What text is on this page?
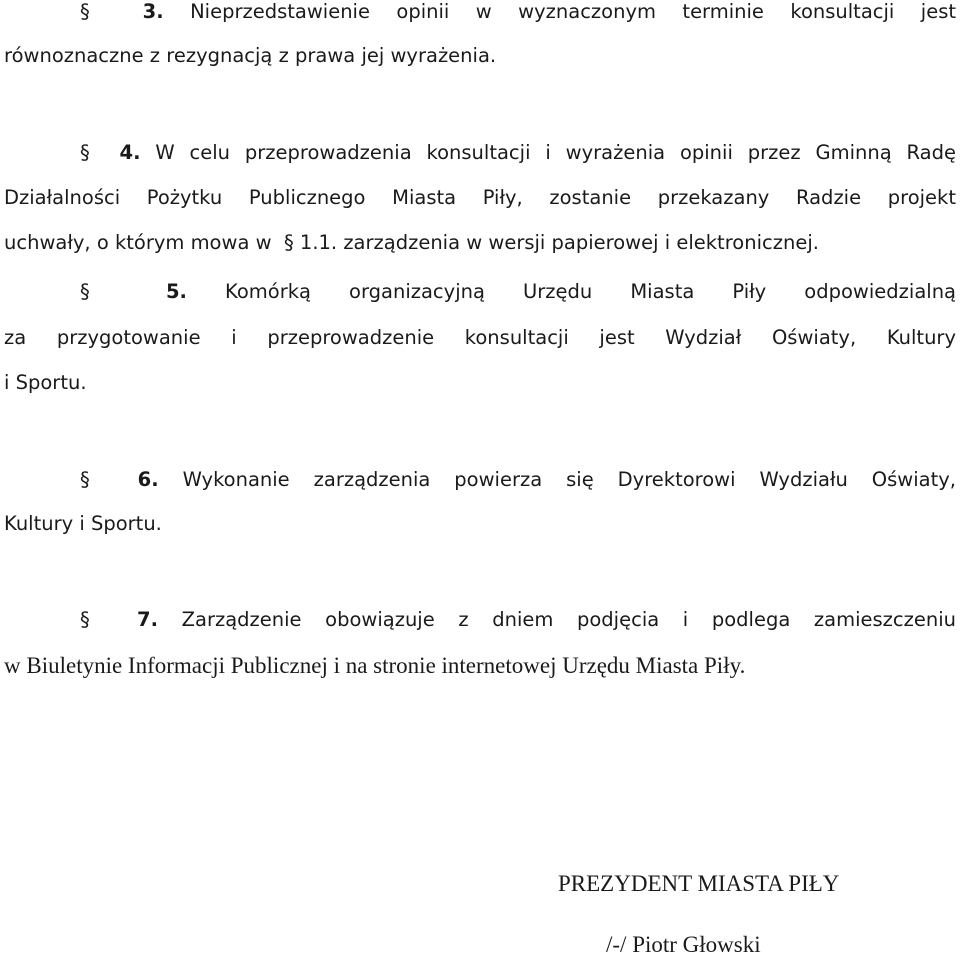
§	3. Nieprzedstawienie opinii w wyznaczonym terminie konsultacji jest
równoznaczne z rezygnacją z prawa jej wyrażenia.
§ 4. W celu przeprowadzenia konsultacji i wyrażenia opinii przez Gminną Radę
Działalności Pożytku Publicznego Miasta Piły, zostanie przekazany Radzie projekt
uchwały, o którym mowa w § 1.1. zarządzenia w wersji papierowej i elektronicznej.
§	5. Komórką organizacyjną Urzędu Miasta Piły odpowiedzialną
za przygotowanie i przeprowadzenie konsultacji jest Wydział Oświaty, Kultury
i Sportu.
§ 6. Wykonanie zarządzenia powierza się Dyrektorowi Wydziału Oświaty,
Kultury i Sportu.
§ 7. Zarządzenie obowiązuje z dniem podjęcia i podlega zamieszczeniu
w Biuletynie Informacji Publicznej i na stronie internetowej Urzędu Miasta Piły.
PREZYDENT MIASTA PIŁY
/-/ Piotr Głowski
